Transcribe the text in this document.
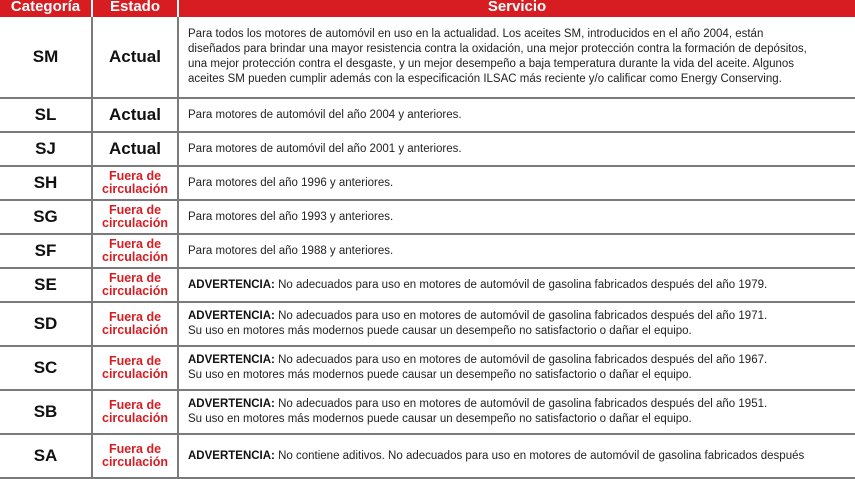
Categoría	Estado	Servicio
SM	Actual
Para todos los motores de automóvil en uso en la actualidad. Los aceites SM, introducidos en el año 2004, están
diseñados para brindar una mayor resistencia contra la oxidación, una mejor protección contra la formación de depósitos,
una mejor protección contra el desgaste, y un mejor desempeño a baja temperatura durante la vida del aceite. Algunos
aceites SM pueden cumplir además con la especificación ILSAC más reciente y/o calificar como Energy Conserving.
SL	Actual Para motores de automóvil del año 2004 y anteriores.
SJ	Actual Para motores de automóvil del año 2001 y anteriores.
SH	Fuera de circulación Para motores del año 1996 y anteriores.
SG	Fuera de circulación Para motores del año 1993 y anteriores.
SF	Fuera de circulación Para motores del año 1988 y anteriores.
SE	Fuera de circulación ADVERTENCIA: No adecuados para uso en motores de automóvil de gasolina fabricados después del año 1979.
SD	Fuera de circulación
ADVERTENCIA: No adecuados para uso en motores de automóvil de gasolina fabricados después del año 1971.
Su uso en motores más modernos puede causar un desempeño no satisfactorio o dañar el equipo.
SC	Fuera de circulación
ADVERTENCIA: No adecuados para uso en motores de automóvil de gasolina fabricados después del año 1967.
Su uso en motores más modernos puede causar un desempeño no satisfactorio o dañar el equipo.
SB	Fuera de circulación
ADVERTENCIA: No adecuados para uso en motores de automóvil de gasolina fabricados después del año 1951.
Su uso en motores más modernos puede causar un desempeño no satisfactorio o dañar el equipo.
SA	Fuera de circulación ADVERTENCIA: No contiene aditivos. No adecuados para uso en motores de automóvil de gasolina fabricados después
